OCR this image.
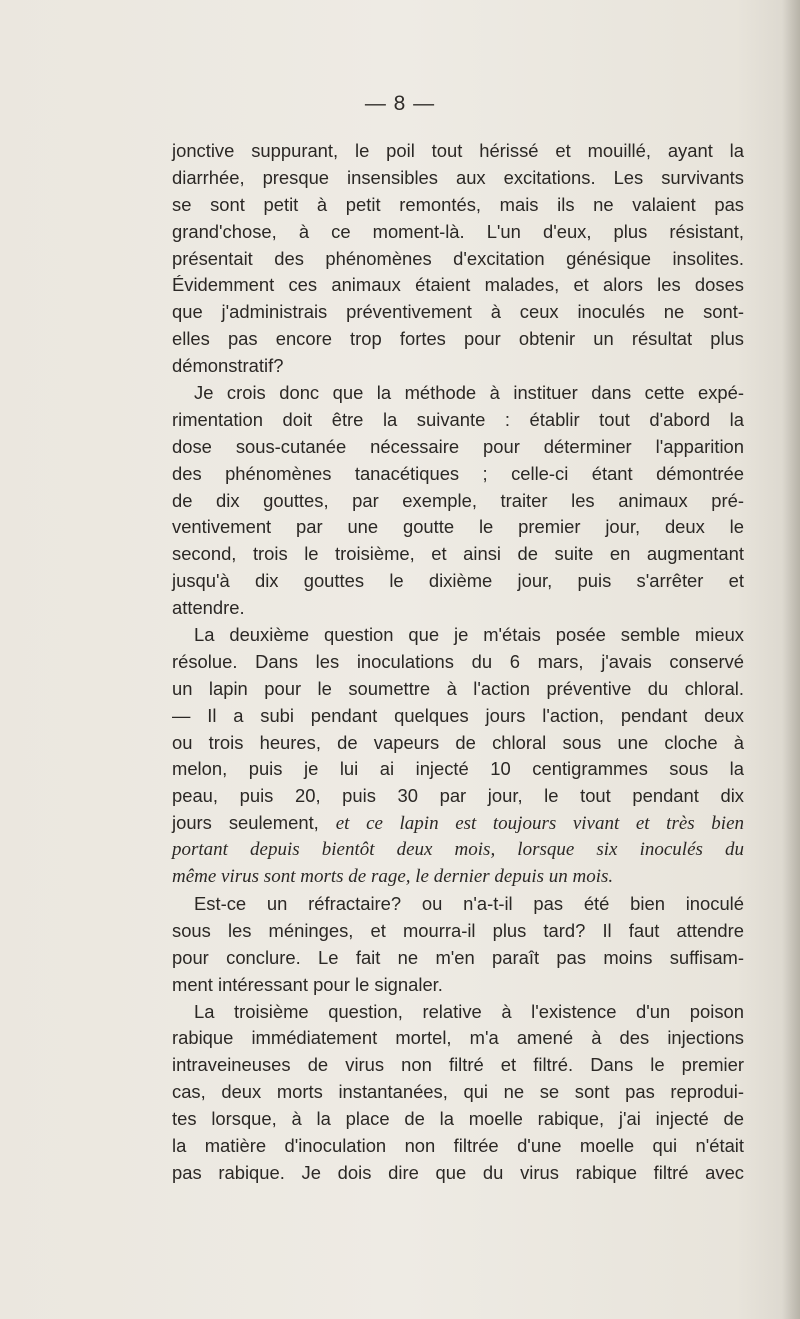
— 8 —
jonctive suppurant, le poil tout hérissé et mouillé, ayant la
diarrhée, presque insensibles aux excitations. Les survivants
se sont petit à petit remontés, mais ils ne valaient pas
grand'chose, à ce moment-là. L'un d'eux, plus résistant,
présentait des phénomènes d'excitation génésique insolites.
Évidemment ces animaux étaient malades, et alors les doses
que j'administrais préventivement à ceux inoculés ne sont-
elles pas encore trop fortes pour obtenir un résultat plus
démonstratif?
Je crois donc que la méthode à instituer dans cette expé-
rimentation doit être la suivante : établir tout d'abord la
dose sous-cutanée nécessaire pour déterminer l'apparition
des phénomènes tanacétiques ; celle-ci étant démontrée
de dix gouttes, par exemple, traiter les animaux pré-
ventivement par une goutte le premier jour, deux le
second, trois le troisième, et ainsi de suite en augmentant
jusqu'à dix gouttes le dixième jour, puis s'arrêter et
attendre.
La deuxième question que je m'étais posée semble mieux
résolue. Dans les inoculations du 6 mars, j'avais conservé
un lapin pour le soumettre à l'action préventive du chloral.
— Il a subi pendant quelques jours l'action, pendant deux
ou trois heures, de vapeurs de chloral sous une cloche à
melon, puis je lui ai injecté 10 centigrammes sous la
peau, puis 20, puis 30 par jour, le tout pendant dix
jours seulement, et ce lapin est toujours vivant et très bien
portant depuis bientôt deux mois, lorsque six inoculés du
même virus sont morts de rage, le dernier depuis un mois.
Est-ce un réfractaire? ou n'a-t-il pas été bien inoculé
sous les méninges, et mourra-il plus tard? Il faut attendre
pour conclure. Le fait ne m'en paraît pas moins suffisam-
ment intéressant pour le signaler.
La troisième question, relative à l'existence d'un poison
rabique immédiatement mortel, m'a amené à des injections
intraveineuses de virus non filtré et filtré. Dans le premier
cas, deux morts instantanées, qui ne se sont pas reprodui-
tes lorsque, à la place de la moelle rabique, j'ai injecté de
la matière d'inoculation non filtrée d'une moelle qui n'était
pas rabique. Je dois dire que du virus rabique filtré avec
